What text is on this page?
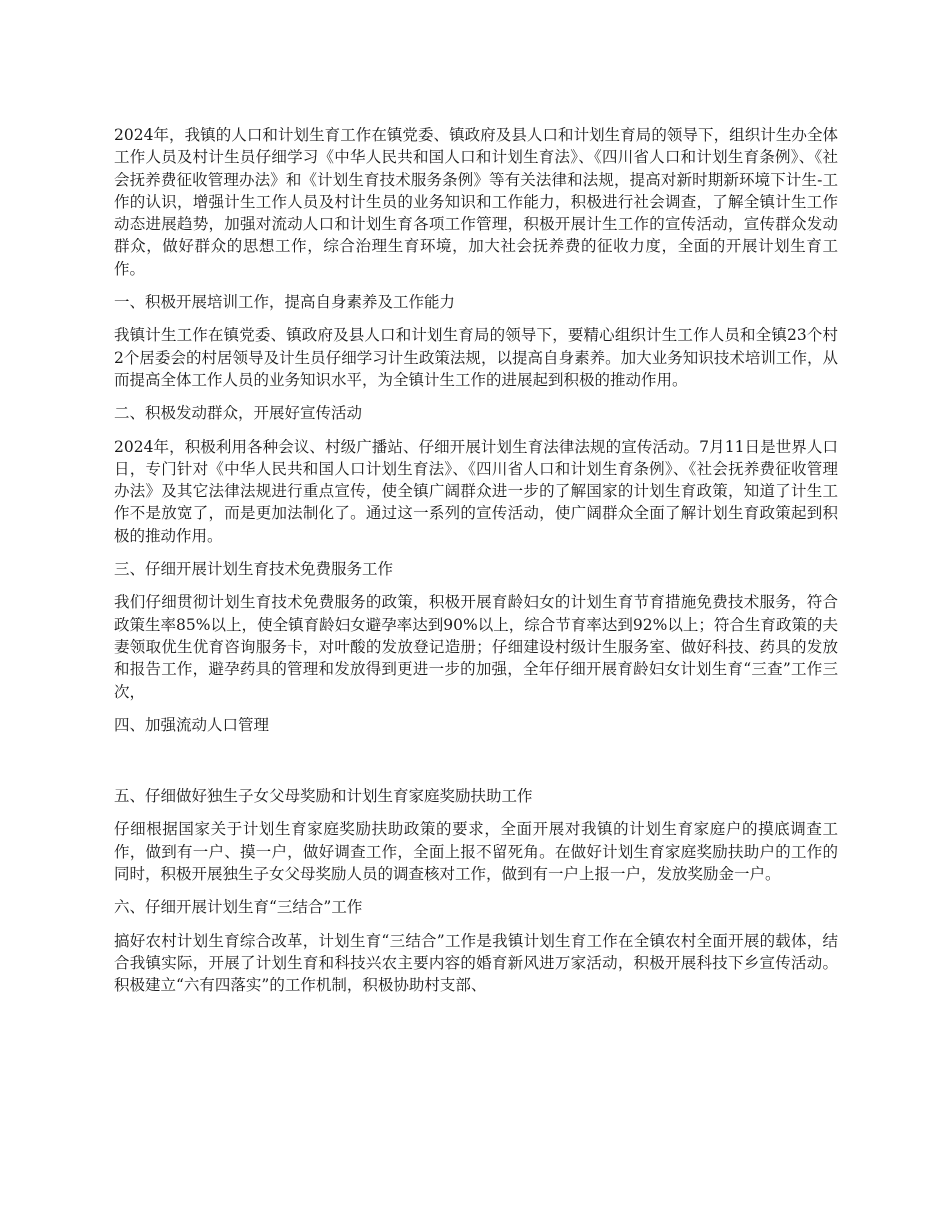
2024年，我镇的人口和计划生育工作在镇党委、镇政府及县人口和计划生育局的领导下，组织计生办全体工作人员及村计生员仔细学习《中华人民共和国人口和计划生育法》、《四川省人口和计划生育条例》、《社会抚养费征收管理办法》和《计划生育技术服务条例》等有关法律和法规，提高对新时期新环境下计生-工作的认识，增强计生工作人员及村计生员的业务知识和工作能力，积极进行社会调查，了解全镇计生工作动态进展趋势，加强对流动人口和计划生育各项工作管理，积极开展计生工作的宣传活动，宣传群众发动群众，做好群众的思想工作，综合治理生育环境，加大社会抚养费的征收力度，全面的开展计划生育工作。

一、积极开展培训工作，提高自身素养及工作能力

我镇计生工作在镇党委、镇政府及县人口和计划生育局的领导下，要精心组织计生工作人员和全镇23个村2个居委会的村居领导及计生员仔细学习计生政策法规，以提高自身素养。加大业务知识技术培训工作，从而提高全体工作人员的业务知识水平，为全镇计生工作的进展起到积极的推动作用。

二、积极发动群众，开展好宣传活动

2024年，积极利用各种会议、村级广播站、仔细开展计划生育法律法规的宣传活动。7月11日是世界人口日，专门针对《中华人民共和国人口计划生育法》、《四川省人口和计划生育条例》、《社会抚养费征收管理办法》及其它法律法规进行重点宣传，使全镇广阔群众进一步的了解国家的计划生育政策，知道了计生工作不是放宽了，而是更加法制化了。通过这一系列的宣传活动，使广阔群众全面了解计划生育政策起到积极的推动作用。

三、仔细开展计划生育技术免费服务工作

我们仔细贯彻计划生育技术免费服务的政策，积极开展育龄妇女的计划生育节育措施免费技术服务，符合政策生率85%以上，使全镇育龄妇女避孕率达到90%以上，综合节育率达到92%以上；符合生育政策的夫妻领取优生优育咨询服务卡，对叶酸的发放登记造册；仔细建设村级计生服务室、做好科技、药具的发放和报告工作，避孕药具的管理和发放得到更进一步的加强，全年仔细开展育龄妇女计划生育“三查”工作三次，

四、加强流动人口管理

五、仔细做好独生子女父母奖励和计划生育家庭奖励扶助工作

仔细根据国家关于计划生育家庭奖励扶助政策的要求，全面开展对我镇的计划生育家庭户的摸底调查工作，做到有一户、摸一户，做好调查工作，全面上报不留死角。在做好计划生育家庭奖励扶助户的工作的同时，积极开展独生子女父母奖励人员的调查核对工作，做到有一户上报一户，发放奖励金一户。

六、仔细开展计划生育“三结合”工作

搞好农村计划生育综合改革，计划生育“三结合”工作是我镇计划生育工作在全镇农村全面开展的载体，结合我镇实际，开展了计划生育和科技兴农主要内容的婚育新风进万家活动，积极开展科技下乡宣传活动。积极建立“六有四落实”的工作机制，积极协助村支部、
